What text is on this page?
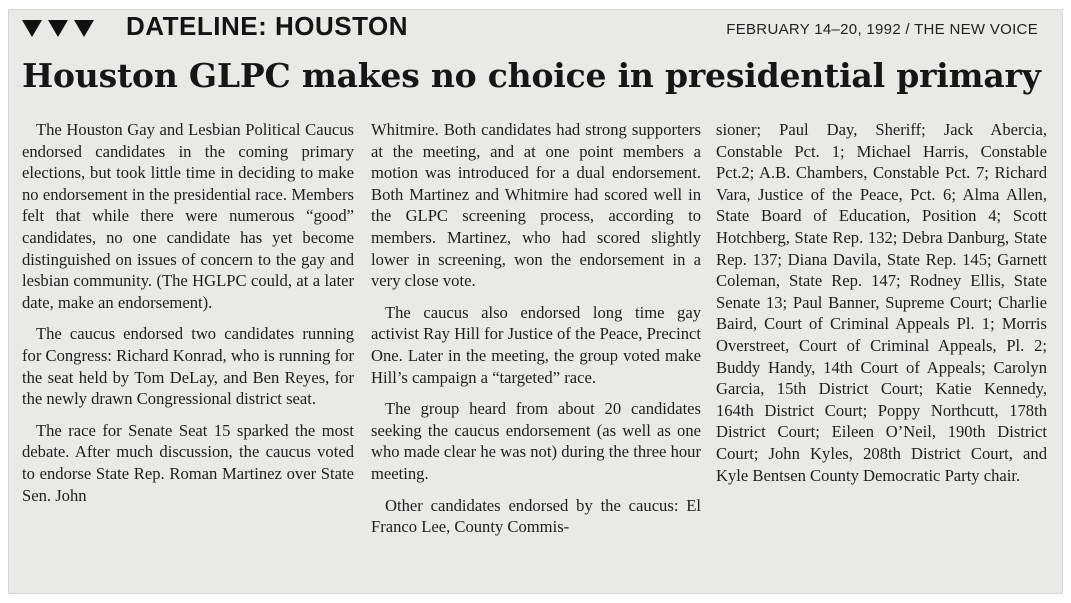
DATELINE: HOUSTON	FEBRUARY 14–20, 1992 / THE NEW VOICE
Houston GLPC makes no choice in presidential primary

The Houston Gay and Lesbian Political Caucus endorsed candidates in the coming primary elections, but took little time in deciding to make no endorsement in the presidential race. Members felt that while there were numerous “good” candidates, no one candidate has yet become distinguished on issues of concern to the gay and lesbian community. (The HGLPC could, at a later date, make an endorsement).

The caucus endorsed two candidates running for Congress: Richard Konrad, who is running for the seat held by Tom DeLay, and Ben Reyes, for the newly drawn Congressional district seat.

The race for Senate Seat 15 sparked the most debate. After much discussion, the caucus voted to endorse State Rep. Roman Martinez over State Sen. John

Whitmire. Both candidates had strong supporters at the meeting, and at one point members a motion was introduced for a dual endorsement. Both Martinez and Whitmire had scored well in the GLPC screening process, according to members. Martinez, who had scored slightly lower in screening, won the endorsement in a very close vote.

The caucus also endorsed long time gay activist Ray Hill for Justice of the Peace, Precinct One. Later in the meeting, the group voted make Hill’s campaign a “targeted” race.

The group heard from about 20 candidates seeking the caucus endorsement (as well as one who made clear he was not) during the three hour meeting.

Other candidates endorsed by the caucus: El Franco Lee, County Commis-

sioner; Paul Day, Sheriff; Jack Abercia, Constable Pct. 1; Michael Harris, Constable Pct.2; A.B. Chambers, Constable Pct. 7; Richard Vara, Justice of the Peace, Pct. 6; Alma Allen, State Board of Education, Position 4; Scott Hotchberg, State Rep. 132; Debra Danburg, State Rep. 137; Diana Davila, State Rep. 145; Garnett Coleman, State Rep. 147; Rodney Ellis, State Senate 13; Paul Banner, Supreme Court; Charlie Baird, Court of Criminal Appeals Pl. 1; Morris Overstreet, Court of Criminal Appeals, Pl. 2; Buddy Handy, 14th Court of Appeals; Carolyn Garcia, 15th District Court; Katie Kennedy, 164th District Court; Poppy Northcutt, 178th District Court; Eileen O’Neil, 190th District Court; John Kyles, 208th District Court, and Kyle Bentsen County Democratic Party chair.
